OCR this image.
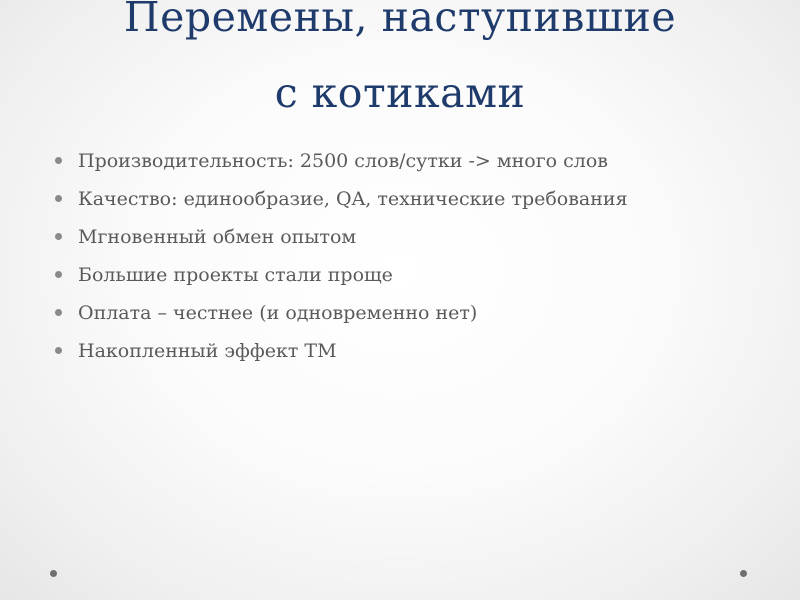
Перемены, наступившие
с котиками
Производительность: 2500 слов/сутки -> много слов
Качество: единообразие, QA, технические требования
Мгновенный обмен опытом
Большие проекты стали проще
Оплата – честнее (и одновременно нет)
Накопленный эффект ТМ
